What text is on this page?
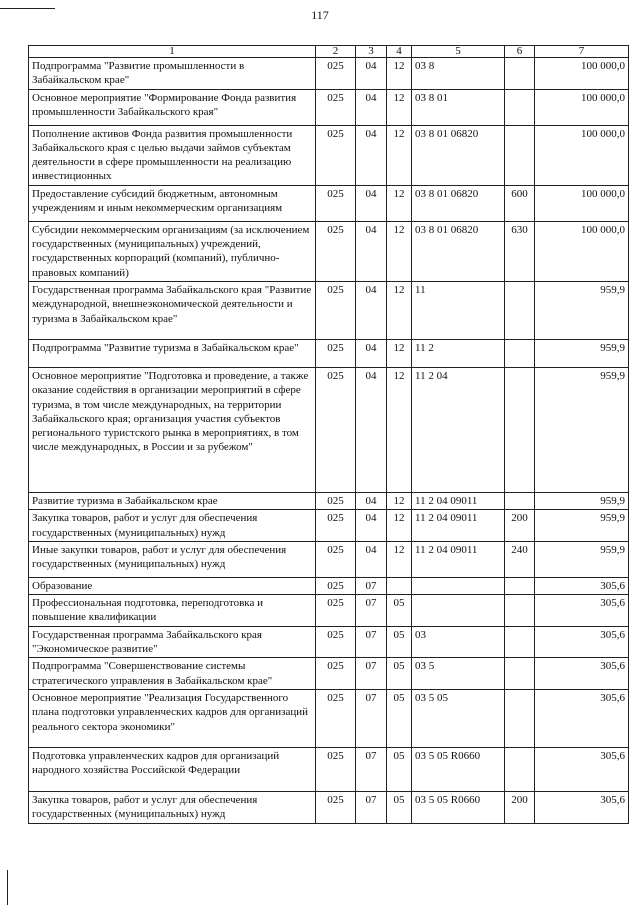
117
1	2	3	4	5	6	7
Подпрограмма "Развитие промышленности в Забайкальском крае"	025	04	12	03 8		100 000,0
Основное мероприятие "Формирование Фонда развития промышленности Забайкальского края"	025	04	12	03 8 01		100 000,0
Пополнение активов Фонда развития промышленности Забайкальского края с целью выдачи займов субъектам деятельности в сфере промышленности на реализацию инвестиционных	025	04	12	03 8 01 06820		100 000,0
Предоставление субсидий бюджетным, автономным учреждениям и иным некоммерческим организациям	025	04	12	03 8 01 06820	600	100 000,0
Субсидии некоммерческим организациям (за исключением государственных (муниципальных) учреждений, государственных корпораций (компаний), публично-правовых компаний)	025	04	12	03 8 01 06820	630	100 000,0
Государственная программа Забайкальского края "Развитие международной, внешнеэкономической деятельности и туризма в Забайкальском крае"	025	04	12	11		959,9
Подпрограмма "Развитие туризма в Забайкальском крае"	025	04	12	11 2		959,9
Основное мероприятие "Подготовка и проведение, а также оказание содействия в организации мероприятий в сфере туризма, в том числе международных, на территории Забайкальского края; организация участия субъектов регионального туристского рынка в мероприятиях, в том числе международных, в России и за рубежом"	025	04	12	11 2 04		959,9
Развитие туризма в Забайкальском крае	025	04	12	11 2 04 09011		959,9
Закупка товаров, работ и услуг для обеспечения государственных (муниципальных) нужд	025	04	12	11 2 04 09011	200	959,9
Иные закупки товаров, работ и услуг для обеспечения государственных (муниципальных) нужд	025	04	12	11 2 04 09011	240	959,9
Образование	025	07				305,6
Профессиональная подготовка, переподготовка и повышение квалификации	025	07	05			305,6
Государственная программа Забайкальского края "Экономическое развитие"	025	07	05	03		305,6
Подпрограмма "Совершенствование системы стратегического управления в Забайкальском крае"	025	07	05	03 5		305,6
Основное мероприятие "Реализация Государственного плана подготовки управленческих кадров для организаций реального сектора экономики"	025	07	05	03 5 05		305,6
Подготовка управленческих кадров для организаций народного хозяйства Российской Федерации	025	07	05	03 5 05 R0660		305,6
Закупка товаров, работ и услуг для обеспечения государственных (муниципальных) нужд	025	07	05	03 5 05 R0660	200	305,6
